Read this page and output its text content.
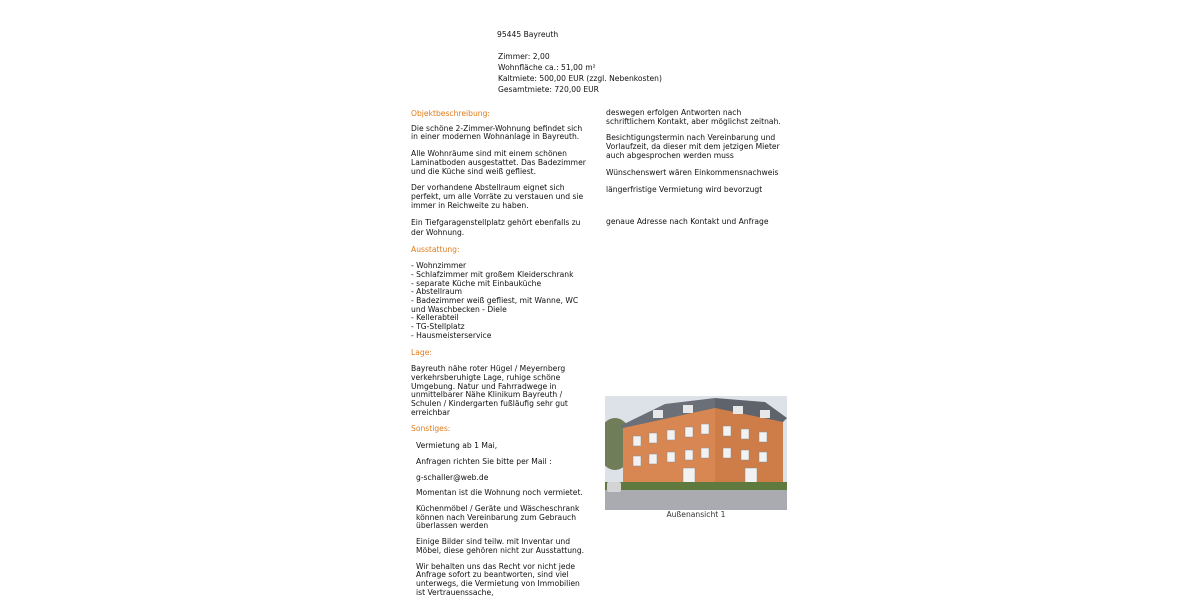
95445 Bayreuth
Zimmer: 2,00
Wohnfläche ca.: 51,00 m²
Kaltmiete: 500,00 EUR (zzgl. Nebenkosten)
Gesamtmiete: 720,00 EUR
Objektbeschreibung:

Die schöne 2-Zimmer-Wohnung befindet sich in einer modernen Wohnanlage in Bayreuth.

Alle Wohnräume sind mit einem schönen Laminatboden ausgestattet. Das Badezimmer und die Küche sind weiß gefliest.

Der vorhandene Abstellraum eignet sich perfekt, um alle Vorräte zu verstauen und sie immer in Reichweite zu haben.

Ein Tiefgaragenstellplatz gehört ebenfalls zu der Wohnung.

Ausstattung:
- Wohnzimmer
- Schlafzimmer mit großem Kleiderschrank
- separate Küche mit Einbauküche
- Abstellraum
- Badezimmer weiß gefliest, mit Wanne, WC und Waschbecken - Diele
- Kellerabteil
- TG-Stellplatz
- Hausmeisterservice
Lage:

Bayreuth nähe roter Hügel / Meyernberg verkehrsberuhigte Lage, ruhige schöne Umgebung. Natur und Fahrradwege in unmittelbarer Nähe Klinikum Bayreuth / Schulen / Kindergarten fußläufig sehr gut erreichbar

Sonstiges:

Vermietung ab 1 Mai,

Anfragen richten Sie bitte per Mail :

g-schaller@web.de

Momentan ist die Wohnung noch vermietet.

Küchenmöbel / Geräte und Wäscheschrank können nach Vereinbarung zum Gebrauch überlassen werden

Einige Bilder sind teilw. mit Inventar und Möbel, diese gehören nicht zur Ausstattung.

Wir behalten uns das Recht vor nicht jede Anfrage sofort zu beantworten, sind viel unterwegs, die Vermietung von Immobilien ist Vertrauenssache,

deswegen erfolgen Antworten nach schriftlichem Kontakt, aber möglichst zeitnah.

Besichtigungstermin nach Vereinbarung und Vorlaufzeit, da dieser mit dem jetzigen Mieter auch abgesprochen werden muss

Wünschenswert wären Einkommensnachweis

längerfristige Vermietung wird bevorzugt

genaue Adresse nach Kontakt und Anfrage

Außenansicht 1
